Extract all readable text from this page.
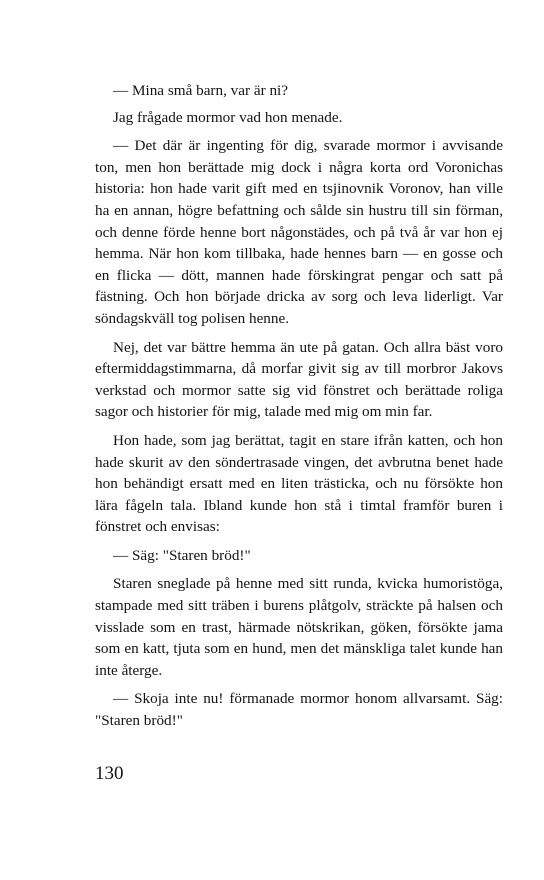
— Mina små barn, var är ni?

Jag frågade mormor vad hon menade.

— Det där är ingenting för dig, svarade mormor i avvisande ton, men hon berättade mig dock i några korta ord Voronichas historia: hon hade varit gift med en tsjinovnik Voronov, han ville ha en annan, högre befattning och sålde sin hustru till sin förman, och denne förde henne bort någonstädes, och på två år var hon ej hemma. När hon kom tillbaka, hade hennes barn — en gosse och en flicka — dött, mannen hade förskingrat pengar och satt på fästning. Och hon började dricka av sorg och leva liderligt. Var söndagskväll tog polisen henne.

Nej, det var bättre hemma än ute på gatan. Och allra bäst voro eftermiddagstimmarna, då morfar givit sig av till morbror Jakovs verkstad och mormor satte sig vid fönstret och berättade roliga sagor och historier för mig, talade med mig om min far.

Hon hade, som jag berättat, tagit en stare ifrån katten, och hon hade skurit av den söndertrasade vingen, det avbrutna benet hade hon behändigt ersatt med en liten trästicka, och nu försökte hon lära fågeln tala. Ibland kunde hon stå i timtal framför buren i fönstret och envisas:

— Säg: "Staren bröd!"

Staren sneglade på henne med sitt runda, kvicka humoristöga, stampade med sitt träben i burens plåtgolv, sträckte på halsen och visslade som en trast, härmade nötskrikan, göken, försökte jama som en katt, tjuta som en hund, men det mänskliga talet kunde han inte återge.

— Skoja inte nu! förmanade mormor honom allvarsamt. Säg: "Staren bröd!"

130
